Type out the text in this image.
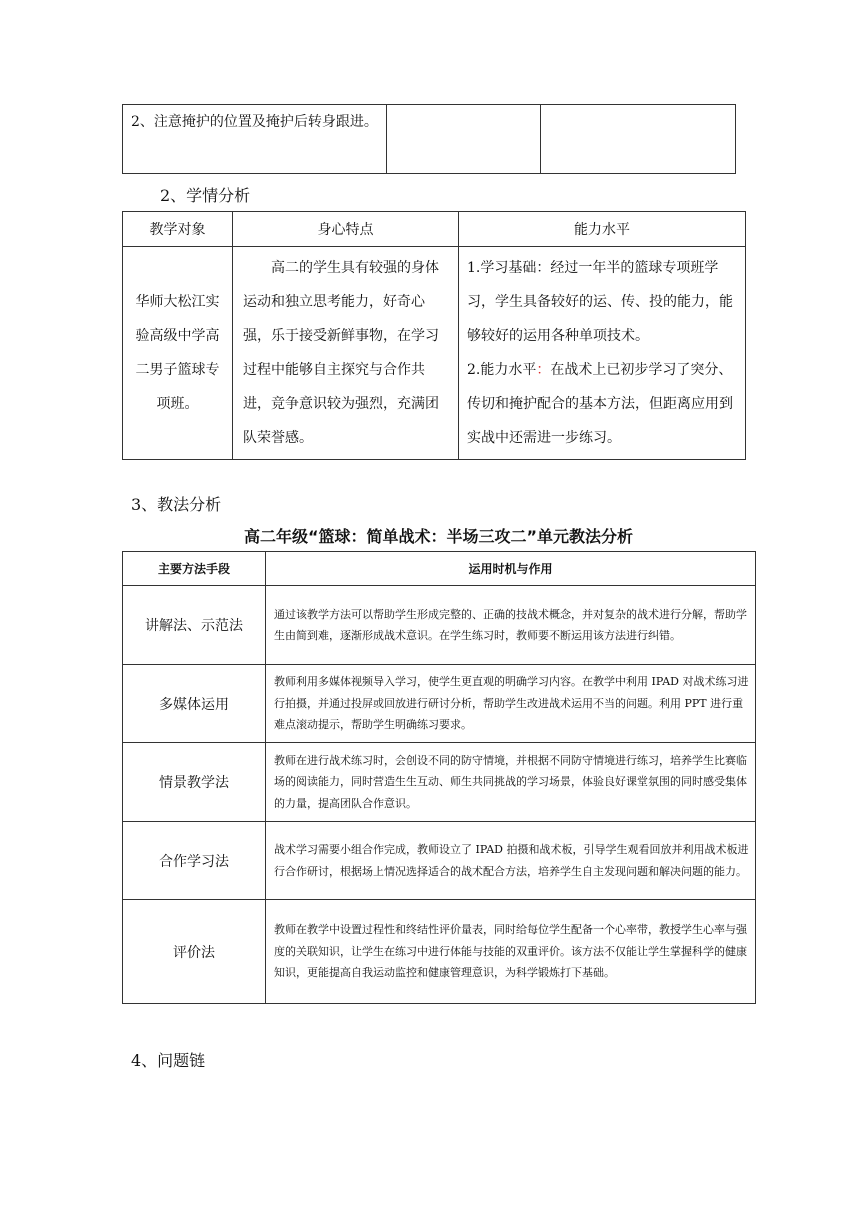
2、注意掩护的位置及掩护后转身跟进。		
2、学情分析
教学对象	身心特点	能力水平
华师大松江实验高级中学高二男子篮球专项班。	高二的学生具有较强的身体运动和独立思考能力，好奇心强，乐于接受新鲜事物，在学习过程中能够自主探究与合作共进，竞争意识较为强烈，充满团队荣誉感。	1.学习基础：经过一年半的篮球专项班学习，学生具备较好的运、传、投的能力，能够较好的运用各种单项技术。
2.能力水平：在战术上已初步学习了突分、传切和掩护配合的基本方法，但距离应用到实战中还需进一步练习。
3、教法分析
高二年级“篮球：简单战术：半场三攻二”单元教法分析
主要方法手段	运用时机与作用
讲解法、示范法	通过该教学方法可以帮助学生形成完整的、正确的技战术概念，并对复杂的战术进行分解，帮助学生由简到难，逐渐形成战术意识。在学生练习时，教师要不断运用该方法进行纠错。
多媒体运用	教师利用多媒体视频导入学习，使学生更直观的明确学习内容。在教学中利用 IPAD 对战术练习进行拍摄，并通过投屏或回放进行研讨分析，帮助学生改进战术运用不当的问题。利用 PPT 进行重难点滚动提示，帮助学生明确练习要求。
情景教学法	教师在进行战术练习时，会创设不同的防守情境，并根据不同防守情境进行练习，培养学生比赛临场的阅读能力，同时营造生生互动、师生共同挑战的学习场景，体验良好课堂氛围的同时感受集体的力量，提高团队合作意识。
合作学习法	战术学习需要小组合作完成，教师设立了 IPAD 拍摄和战术板，引导学生观看回放并利用战术板进行合作研讨，根据场上情况选择适合的战术配合方法，培养学生自主发现问题和解决问题的能力。
评价法	教师在教学中设置过程性和终结性评价量表，同时给每位学生配备一个心率带，教授学生心率与强度的关联知识，让学生在练习中进行体能与技能的双重评价。该方法不仅能让学生掌握科学的健康知识，更能提高自我运动监控和健康管理意识，为科学锻炼打下基础。
4、问题链
